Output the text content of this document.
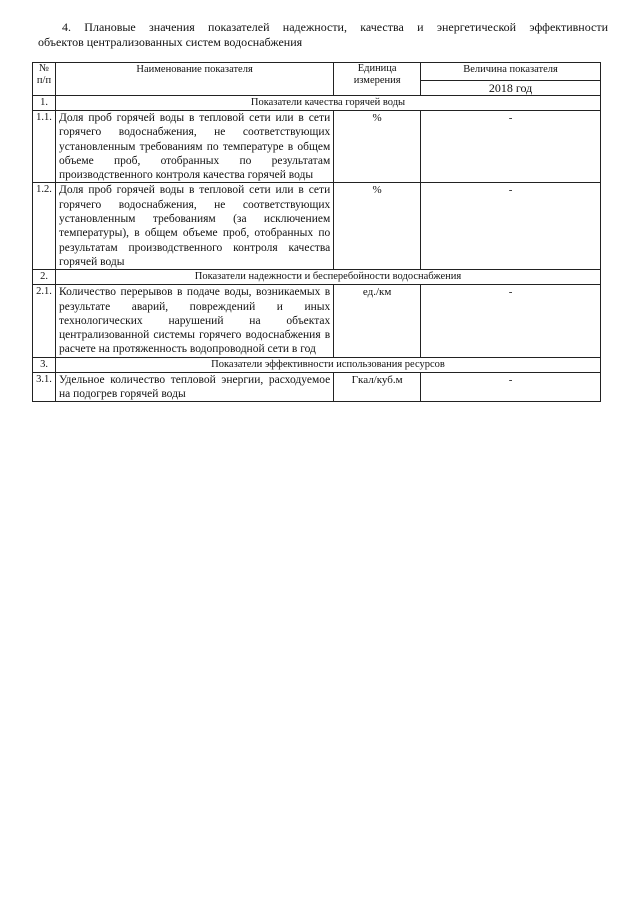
4. Плановые значения показателей надежности, качества и энергетической эффективности
объектов централизованных систем водоснабжения
№ п/п	Наименование показателя	Единица измерения	Величина показателя
			2018 год
1.	Показатели качества горячей воды		
1.1.	Доля проб горячей воды в тепловой сети или в сети горячего водоснабжения, не соответствующих установленным требованиям по температуре в общем объеме проб, отобранных по результатам производственного контроля качества горячей воды	%	-
1.2.	Доля проб горячей воды в тепловой сети или в сети горячего водоснабжения, не соответствующих установленным требованиям (за исключением температуры), в общем объеме проб, отобранных по результатам производственного контроля качества горячей воды	%	-
2.	Показатели надежности и бесперебойности водоснабжения		
2.1.	Количество перерывов в подаче воды, возникаемых в результате аварий, повреждений и иных технологических нарушений на объектах централизованной системы горячего водоснабжения в расчете на протяженность водопроводной сети в год	ед./км	-
3.	Показатели эффективности использования ресурсов		
3.1.	Удельное количество тепловой энергии, расходуемое на подогрев горячей воды	Гкал/куб.м	-
